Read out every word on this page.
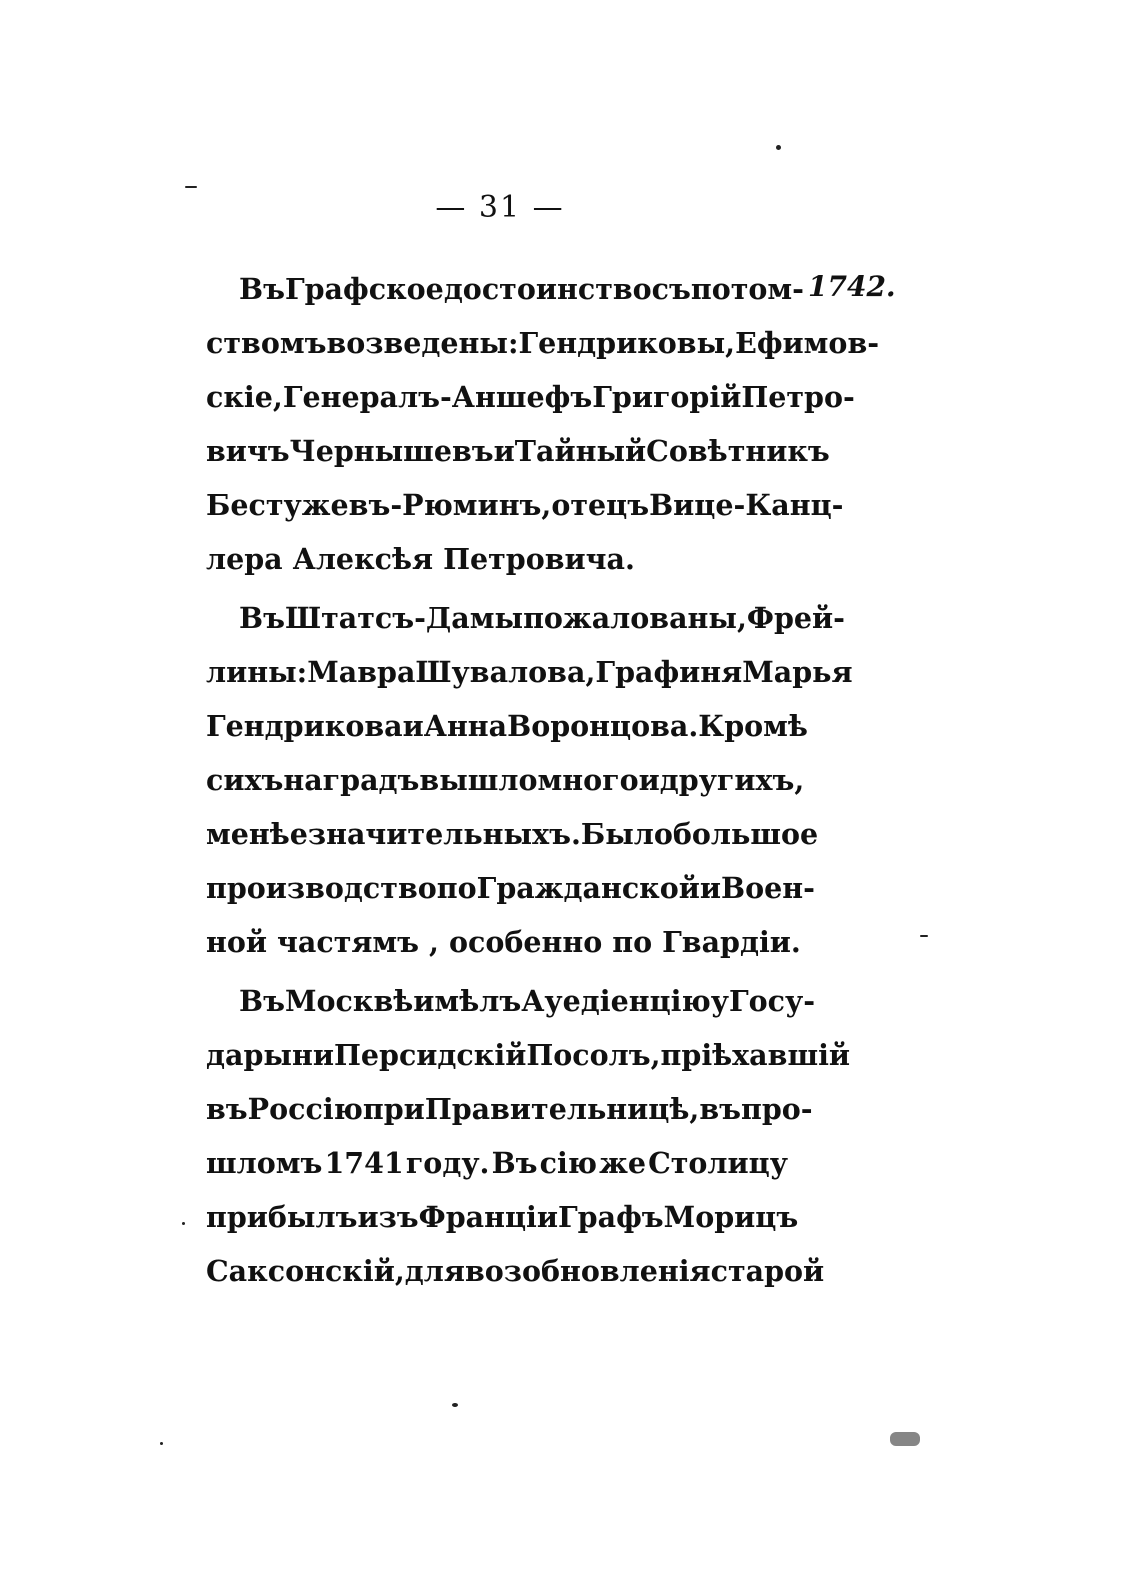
— 31 —
1742.
Въ Графское достоинство съ потом-
ствомъ возведены : Гендриковы, Ефимов-
скіе, Генералъ-Аншефъ Григорій Петро-
вичъ Чернышевъ и Тайный Совѣтникъ
Бестужевъ-Рюминъ , отецъ Вице-Канц-
лера Алексѣя Петровича.
Въ Штатсъ-Дамы пожалованы, Фрей-
лины : Мавра Шувалова , Графиня Марья
Гендрикова и Анна Воронцова. Кромѣ
сихъ наградъ вышло много и другихъ ,
менѣе значительныхъ. Было большое
производство по Гражданской и Воен-
ной частямъ , особенно по Гвардіи.
Въ Москвѣ имѣлъ Ауедіенцію у Госу-
дарыни Персидскій Посолъ , пріѣхавшій
въ Россію при Правительницѣ, въ про-
шломъ 1741 году. Въ сію же Столицу
прибылъ изъ Франціи Графъ Морицъ
Саксонскій , для возобновленія старой
